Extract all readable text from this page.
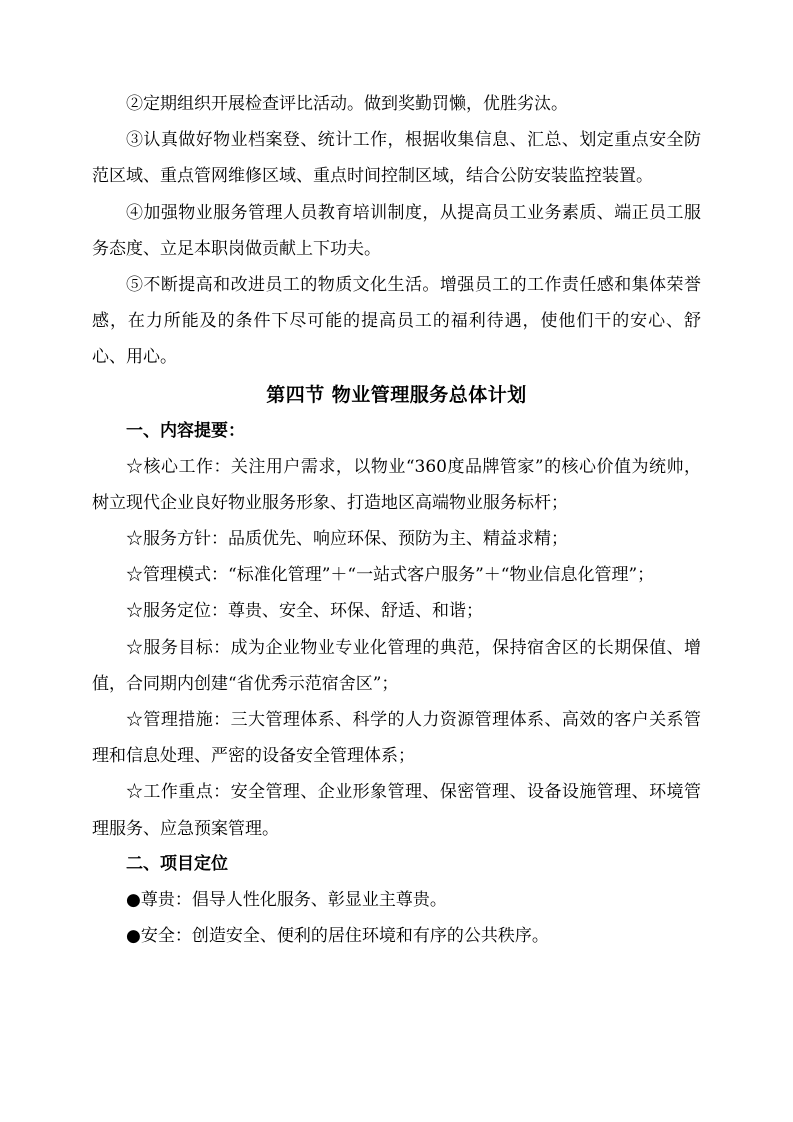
②定期组织开展检查评比活动。做到奖勤罚懒，优胜劣汰。

③认真做好物业档案登、统计工作，根据收集信息、汇总、划定重点安全防范区域、重点管网维修区域、重点时间控制区域，结合公防安装监控装置。

④加强物业服务管理人员教育培训制度，从提高员工业务素质、端正员工服务态度、立足本职岗做贡献上下功夫。

⑤不断提高和改进员工的物质文化生活。增强员工的工作责任感和集体荣誉感，在力所能及的条件下尽可能的提高员工的福利待遇，使他们干的安心、舒心、用心。

第四节 物业管理服务总体计划
一、内容提要：

☆核心工作：关注用户需求，以物业“360度品牌管家”的核心价值为统帅，树立现代企业良好物业服务形象、打造地区高端物业服务标杆；

☆服务方针：品质优先、响应环保、预防为主、精益求精；

☆管理模式：“标准化管理”＋“一站式客户服务”＋“物业信息化管理”；

☆服务定位：尊贵、安全、环保、舒适、和谐；

☆服务目标：成为企业物业专业化管理的典范，保持宿舍区的长期保值、增值，合同期内创建“省优秀示范宿舍区”；

☆管理措施：三大管理体系、科学的人力资源管理体系、高效的客户关系管理和信息处理、严密的设备安全管理体系；

☆工作重点：安全管理、企业形象管理、保密管理、设备设施管理、环境管理服务、应急预案管理。

二、项目定位

●尊贵：倡导人性化服务、彰显业主尊贵。

●安全：创造安全、便利的居住环境和有序的公共秩序。
